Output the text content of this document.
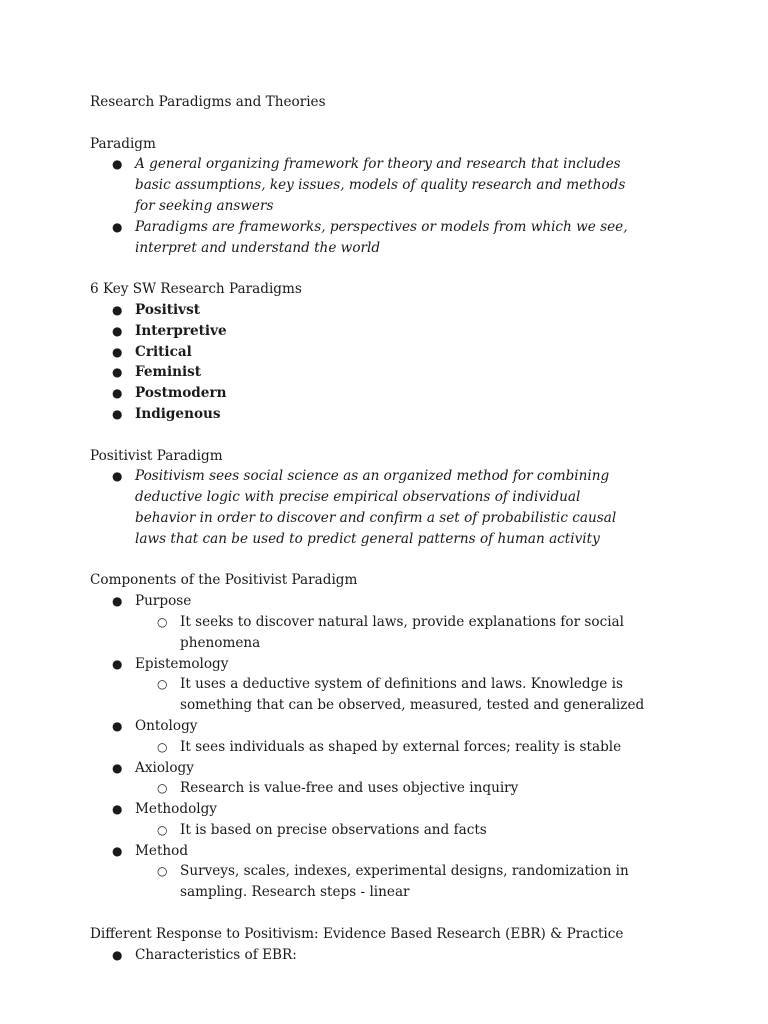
Research Paradigms and Theories
Paradigm
● A general organizing framework for theory and research that includes basic assumptions, key issues, models of quality research and methods for seeking answers
● Paradigms are frameworks, perspectives or models from which we see, interpret and understand the world
6 Key SW Research Paradigms
● Positivst
● Interpretive
● Critical
● Feminist
● Postmodern
● Indigenous
Positivist Paradigm
● Positivism sees social science as an organized method for combining deductive logic with precise empirical observations of individual behavior in order to discover and confirm a set of probabilistic causal laws that can be used to predict general patterns of human activity
Components of the Positivist Paradigm
● Purpose
○ It seeks to discover natural laws, provide explanations for social phenomena
● Epistemology
○ It uses a deductive system of definitions and laws. Knowledge is something that can be observed, measured, tested and generalized
● Ontology
○ It sees individuals as shaped by external forces; reality is stable
● Axiology
○ Research is value-free and uses objective inquiry
● Methodolgy
○ It is based on precise observations and facts
● Method
○ Surveys, scales, indexes, experimental designs, randomization in sampling. Research steps - linear
Different Response to Positivism: Evidence Based Research (EBR) & Practice
● Characteristics of EBR:
